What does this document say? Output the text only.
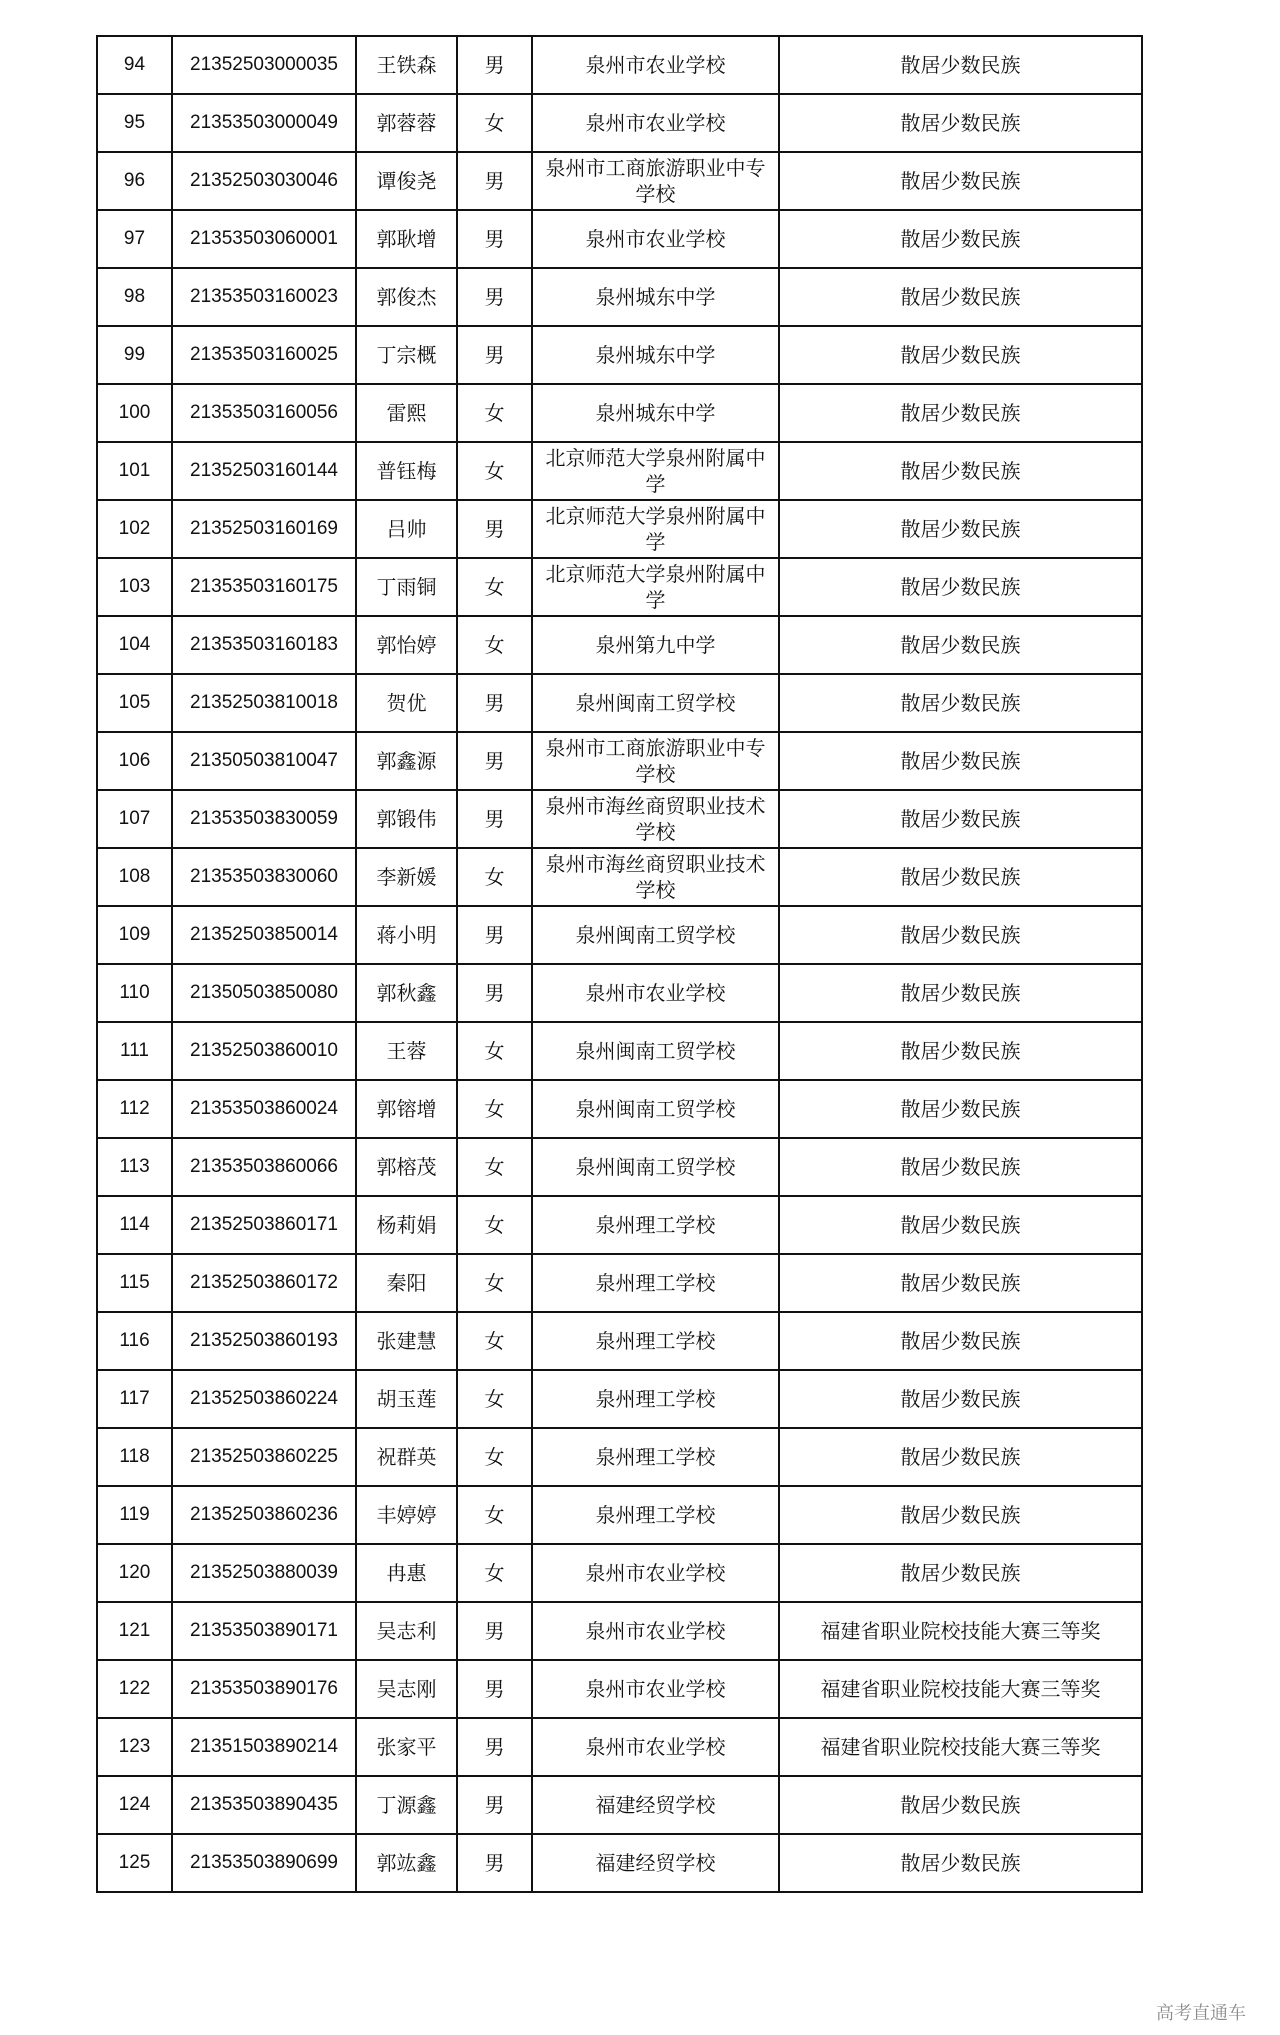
94	21352503000035	王铁森	男	泉州市农业学校	散居少数民族
95	21353503000049	郭蓉蓉	女	泉州市农业学校	散居少数民族
96	21352503030046	谭俊尧	男	泉州市工商旅游职业中专学校	散居少数民族
97	21353503060001	郭耿增	男	泉州市农业学校	散居少数民族
98	21353503160023	郭俊杰	男	泉州城东中学	散居少数民族
99	21353503160025	丁宗概	男	泉州城东中学	散居少数民族
100	21353503160056	雷熙	女	泉州城东中学	散居少数民族
101	21352503160144	普钰梅	女	北京师范大学泉州附属中学	散居少数民族
102	21352503160169	吕帅	男	北京师范大学泉州附属中学	散居少数民族
103	21353503160175	丁雨铜	女	北京师范大学泉州附属中学	散居少数民族
104	21353503160183	郭怡婷	女	泉州第九中学	散居少数民族
105	21352503810018	贺优	男	泉州闽南工贸学校	散居少数民族
106	21350503810047	郭鑫源	男	泉州市工商旅游职业中专学校	散居少数民族
107	21353503830059	郭锻伟	男	泉州市海丝商贸职业技术学校	散居少数民族
108	21353503830060	李新媛	女	泉州市海丝商贸职业技术学校	散居少数民族
109	21352503850014	蒋小明	男	泉州闽南工贸学校	散居少数民族
110	21350503850080	郭秋鑫	男	泉州市农业学校	散居少数民族
111	21352503860010	王蓉	女	泉州闽南工贸学校	散居少数民族
112	21353503860024	郭镕增	女	泉州闽南工贸学校	散居少数民族
113	21353503860066	郭榕茂	女	泉州闽南工贸学校	散居少数民族
114	21352503860171	杨莉娟	女	泉州理工学校	散居少数民族
115	21352503860172	秦阳	女	泉州理工学校	散居少数民族
116	21352503860193	张建慧	女	泉州理工学校	散居少数民族
117	21352503860224	胡玉莲	女	泉州理工学校	散居少数民族
118	21352503860225	祝群英	女	泉州理工学校	散居少数民族
119	21352503860236	丰婷婷	女	泉州理工学校	散居少数民族
120	21352503880039	冉惠	女	泉州市农业学校	散居少数民族
121	21353503890171	吴志利	男	泉州市农业学校	福建省职业院校技能大赛三等奖
122	21353503890176	吴志刚	男	泉州市农业学校	福建省职业院校技能大赛三等奖
123	21351503890214	张家平	男	泉州市农业学校	福建省职业院校技能大赛三等奖
124	21353503890435	丁源鑫	男	福建经贸学校	散居少数民族
125	21353503890699	郭竑鑫	男	福建经贸学校	散居少数民族
高考直通车
